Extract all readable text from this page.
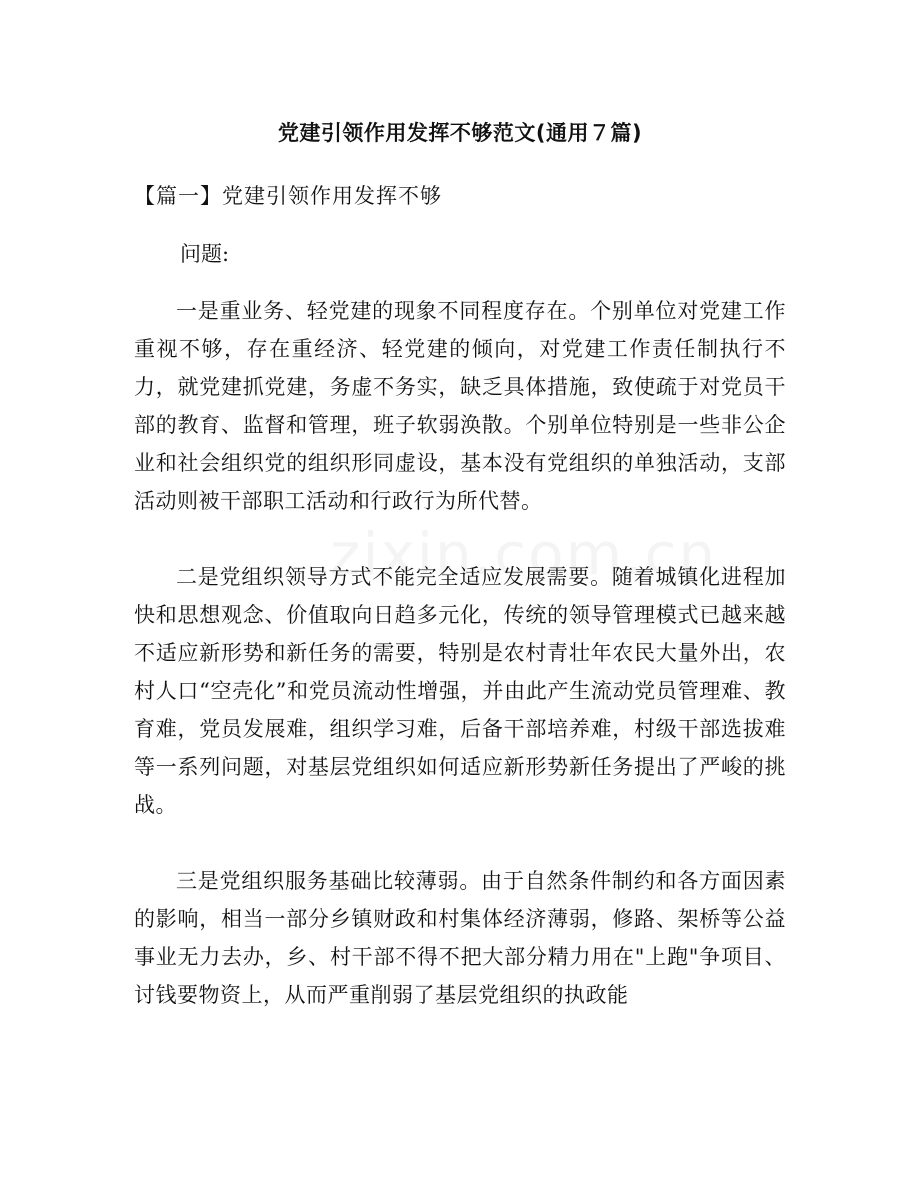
党建引领作用发挥不够范文(通用７篇)

【篇一】党建引领作用发挥不够

问题:

一是重业务、轻党建的现象不同程度存在。个别单位对党建工作重视不够，存在重经济、轻党建的倾向，对党建工作责任制执行不力，就党建抓党建，务虚不务实，缺乏具体措施，致使疏于对党员干部的教育、监督和管理，班子软弱涣散。个别单位特别是一些非公企业和社会组织党的组织形同虚设，基本没有党组织的单独活动，支部活动则被干部职工活动和行政行为所代替。

二是党组织领导方式不能完全适应发展需要。随着城镇化进程加快和思想观念、价值取向日趋多元化，传统的领导管理模式已越来越不适应新形势和新任务的需要，特别是农村青壮年农民大量外出，农村人口“空壳化”和党员流动性增强，并由此产生流动党员管理难、教育难，党员发展难，组织学习难，后备干部培养难，村级干部选拔难等一系列问题，对基层党组织如何适应新形势新任务提出了严峻的挑战。

三是党组织服务基础比较薄弱。由于自然条件制约和各方面因素的影响，相当一部分乡镇财政和村集体经济薄弱，修路、架桥等公益事业无力去办，乡、村干部不得不把大部分精力用在"上跑"争项目、讨钱要物资上，从而严重削弱了基层党组织的执政能
